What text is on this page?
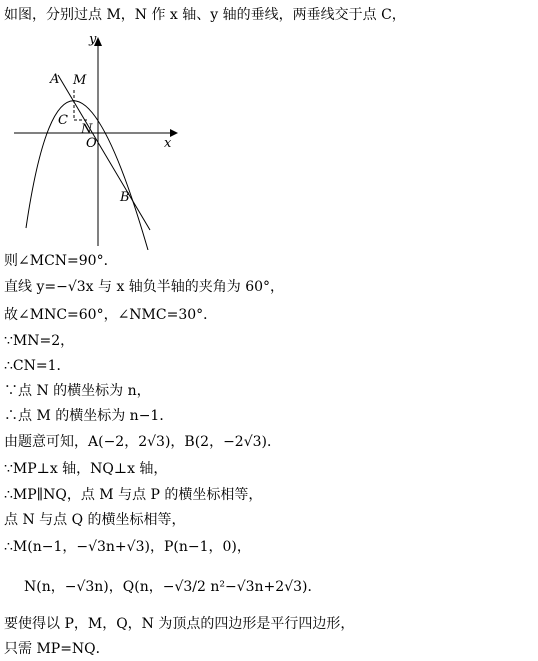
如图，分别过点 M，N 作 x 轴、y 轴的垂线，两垂线交于点 C，
y
A M
C
N
O	x
B
则∠MCN=90°．
直线 y=−√3x 与 x 轴负半轴的夹角为 60°，
故∠MNC=60°，∠NMC=30°．
∵MN=2，
∴CN=1．
∵点 N 的横坐标为 n，
∴点 M 的横坐标为 n−1．
由题意可知，A(−2，2√3)，B(2，−2√3)．
∵MP⊥x 轴，NQ⊥x 轴，
∴MP∥NQ，点 M 与点 P 的横坐标相等，
点 N 与点 Q 的横坐标相等，
∴M(n−1，−√3n+√3)，P(n−1，0)，
N(n，−√3n)，Q(n，−√3/2 n²−√3n+2√3)．
要使得以 P，M，Q，N 为顶点的四边形是平行四边形，
只需 MP=NQ．
